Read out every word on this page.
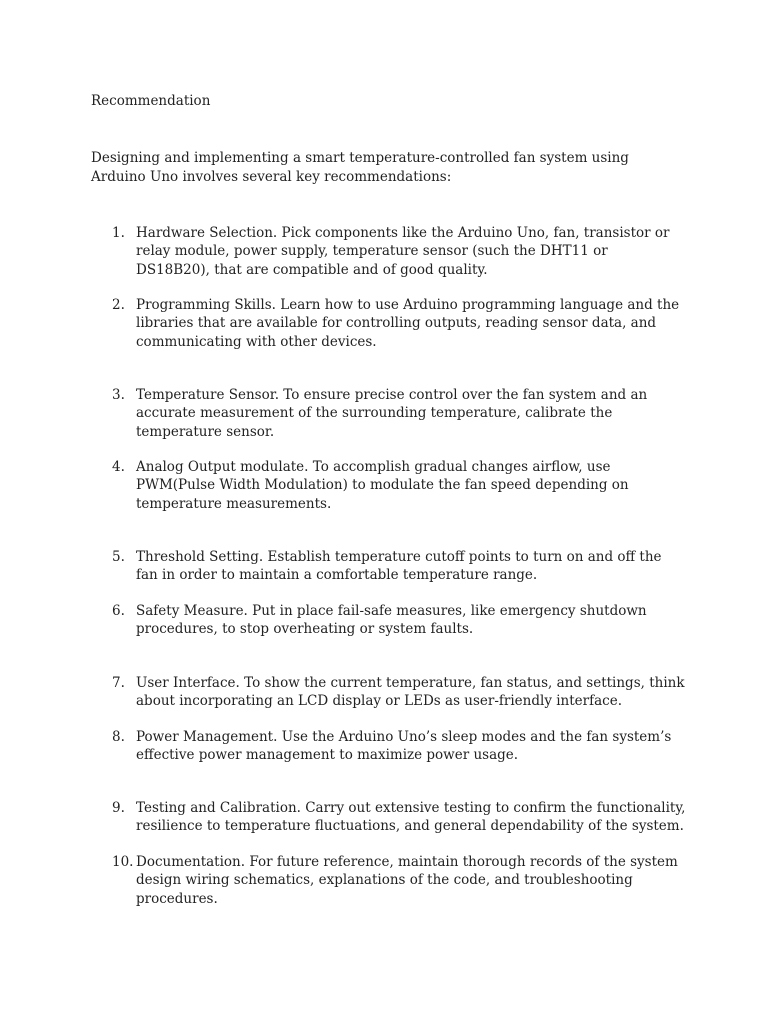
Recommendation
Designing and implementing a smart temperature-controlled fan system using
Arduino Uno involves several key recommendations:
1. Hardware Selection. Pick components like the Arduino Uno, fan, transistor or
relay module, power supply, temperature sensor (such the DHT11 or
DS18B20), that are compatible and of good quality.
2. Programming Skills. Learn how to use Arduino programming language and the
libraries that are available for controlling outputs, reading sensor data, and
communicating with other devices.
3. Temperature Sensor. To ensure precise control over the fan system and an
accurate measurement of the surrounding temperature, calibrate the
temperature sensor.
4. Analog Output modulate. To accomplish gradual changes airflow, use
PWM(Pulse Width Modulation) to modulate the fan speed depending on
temperature measurements.
5. Threshold Setting. Establish temperature cutoff points to turn on and off the
fan in order to maintain a comfortable temperature range.
6. Safety Measure. Put in place fail-safe measures, like emergency shutdown
procedures, to stop overheating or system faults.
7. User Interface. To show the current temperature, fan status, and settings, think
about incorporating an LCD display or LEDs as user-friendly interface.
8. Power Management. Use the Arduino Uno’s sleep modes and the fan system’s
effective power management to maximize power usage.
9. Testing and Calibration. Carry out extensive testing to confirm the functionality,
resilience to temperature fluctuations, and general dependability of the system.
10. Documentation. For future reference, maintain thorough records of the system
design wiring schematics, explanations of the code, and troubleshooting
procedures.
